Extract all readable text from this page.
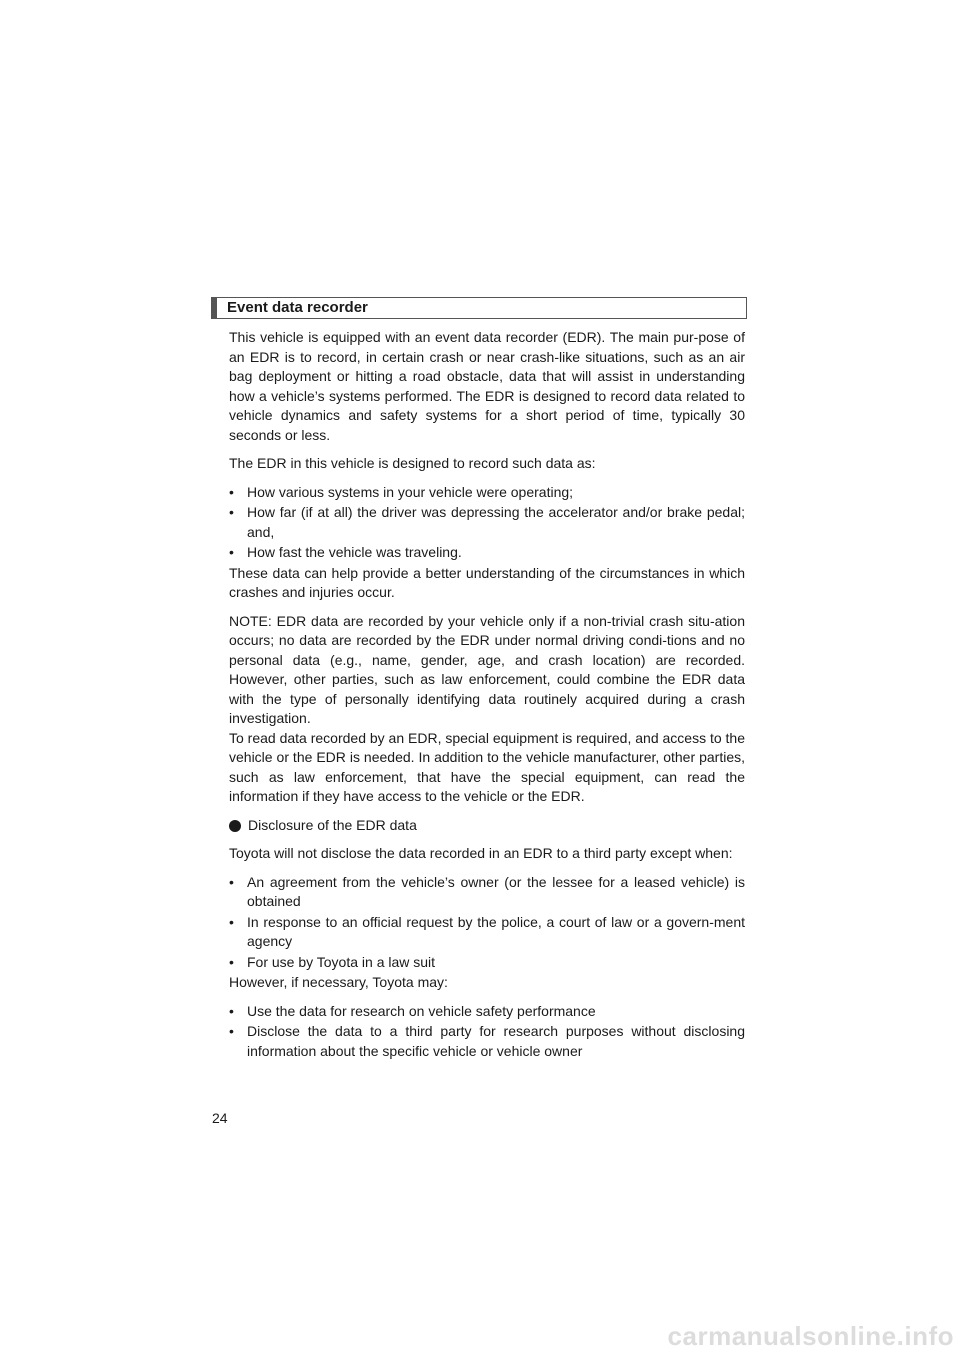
Event data recorder

This vehicle is equipped with an event data recorder (EDR). The main pur-pose of an EDR is to record, in certain crash or near crash-like situations, such as an air bag deployment or hitting a road obstacle, data that will assist in understanding how a vehicle’s systems performed. The EDR is designed to record data related to vehicle dynamics and safety systems for a short period of time, typically 30 seconds or less.

The EDR in this vehicle is designed to record such data as:

• How various systems in your vehicle were operating;
• How far (if at all) the driver was depressing the accelerator and/or brake pedal; and,
• How fast the vehicle was traveling.

These data can help provide a better understanding of the circumstances in which crashes and injuries occur.

NOTE: EDR data are recorded by your vehicle only if a non-trivial crash situ-ation occurs; no data are recorded by the EDR under normal driving condi-tions and no personal data (e.g., name, gender, age, and crash location) are recorded. However, other parties, such as law enforcement, could combine the EDR data with the type of personally identifying data routinely acquired during a crash investigation.

To read data recorded by an EDR, special equipment is required, and access to the vehicle or the EDR is needed. In addition to the vehicle manufacturer, other parties, such as law enforcement, that have the special equipment, can read the information if they have access to the vehicle or the EDR.

Disclosure of the EDR data

Toyota will not disclose the data recorded in an EDR to a third party except when:

• An agreement from the vehicle’s owner (or the lessee for a leased vehicle) is obtained
• In response to an official request by the police, a court of law or a govern-ment agency
• For use by Toyota in a law suit

However, if necessary, Toyota may:

• Use the data for research on vehicle safety performance
• Disclose the data to a third party for research purposes without disclosing information about the specific vehicle or vehicle owner
24
carmanualsonline.info
